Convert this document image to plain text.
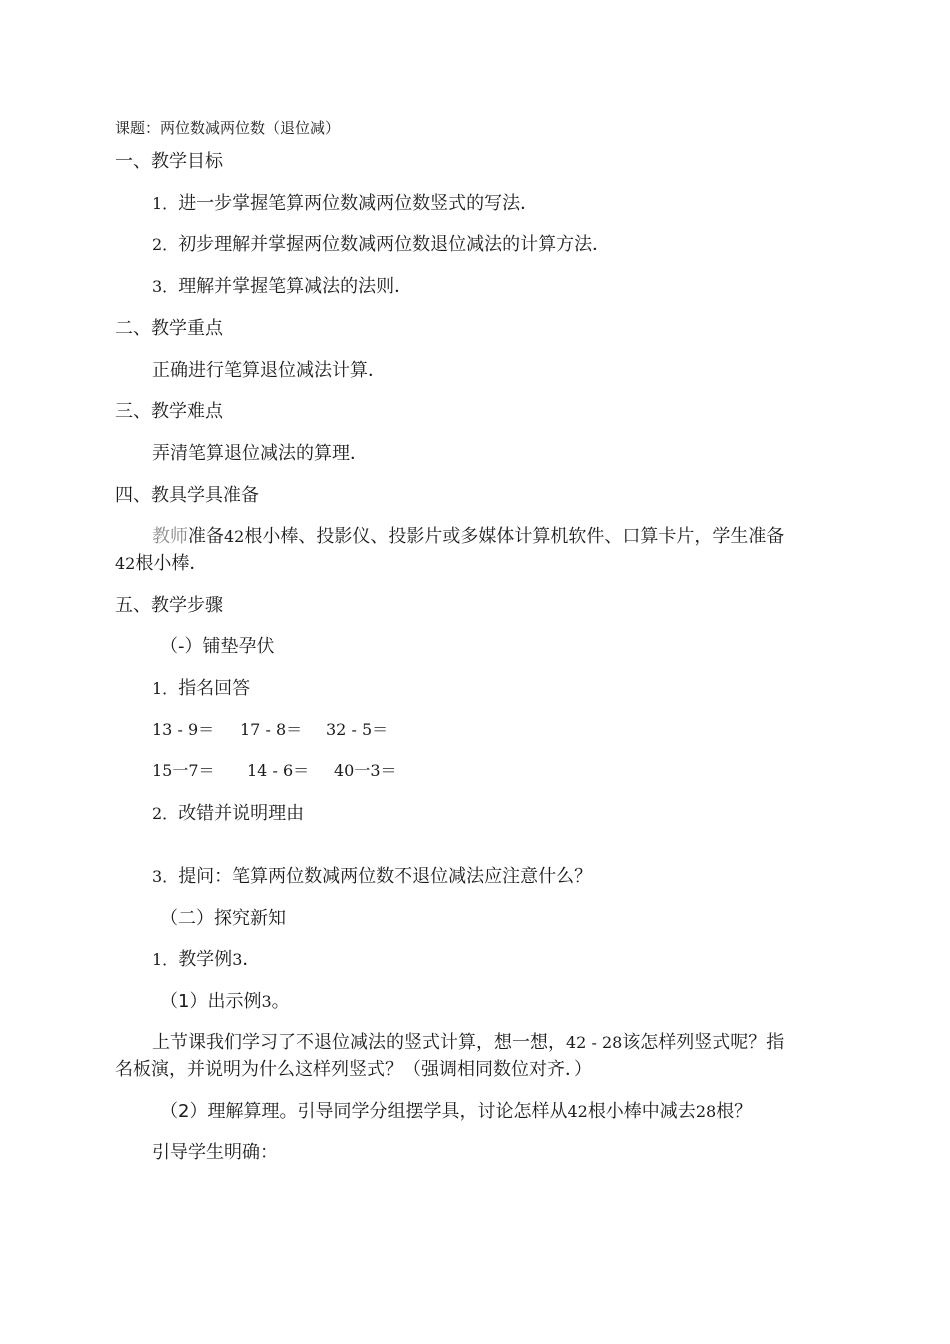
课题：两位数减两位数（退位减）
一、教学目标
1．进一步掌握笔算两位数减两位数竖式的写法．
2．初步理解并掌握两位数减两位数退位减法的计算方法．
3．理解并掌握笔算减法的法则．
二、教学重点
正确进行笔算退位减法计算．
三、教学难点
弄清笔算退位减法的算理．
四、教具学具准备
教师准备42根小棒、投影仪、投影片或多媒体计算机软件、口算卡片，学生准备
42根小棒．
五、教学步骤
（-）铺垫孕伏
1．指名回答
13 - 9＝ 17 - 8＝ 32 - 5＝
15一7＝ 14 - 6＝ 40一3＝
2．改错并说明理由
3．提问：笔算两位数减两位数不退位减法应注意什么？
（二）探究新知
1．教学例3．
（1）出示例3。
上节课我们学习了不退位减法的竖式计算，想一想，42 - 28该怎样列竖式呢？指
名板演，并说明为什么这样列竖式？（强调相同数位对齐．）
（2）理解算理。引导同学分组摆学具，讨论怎样从42根小棒中减去28根？
引导学生明确：
